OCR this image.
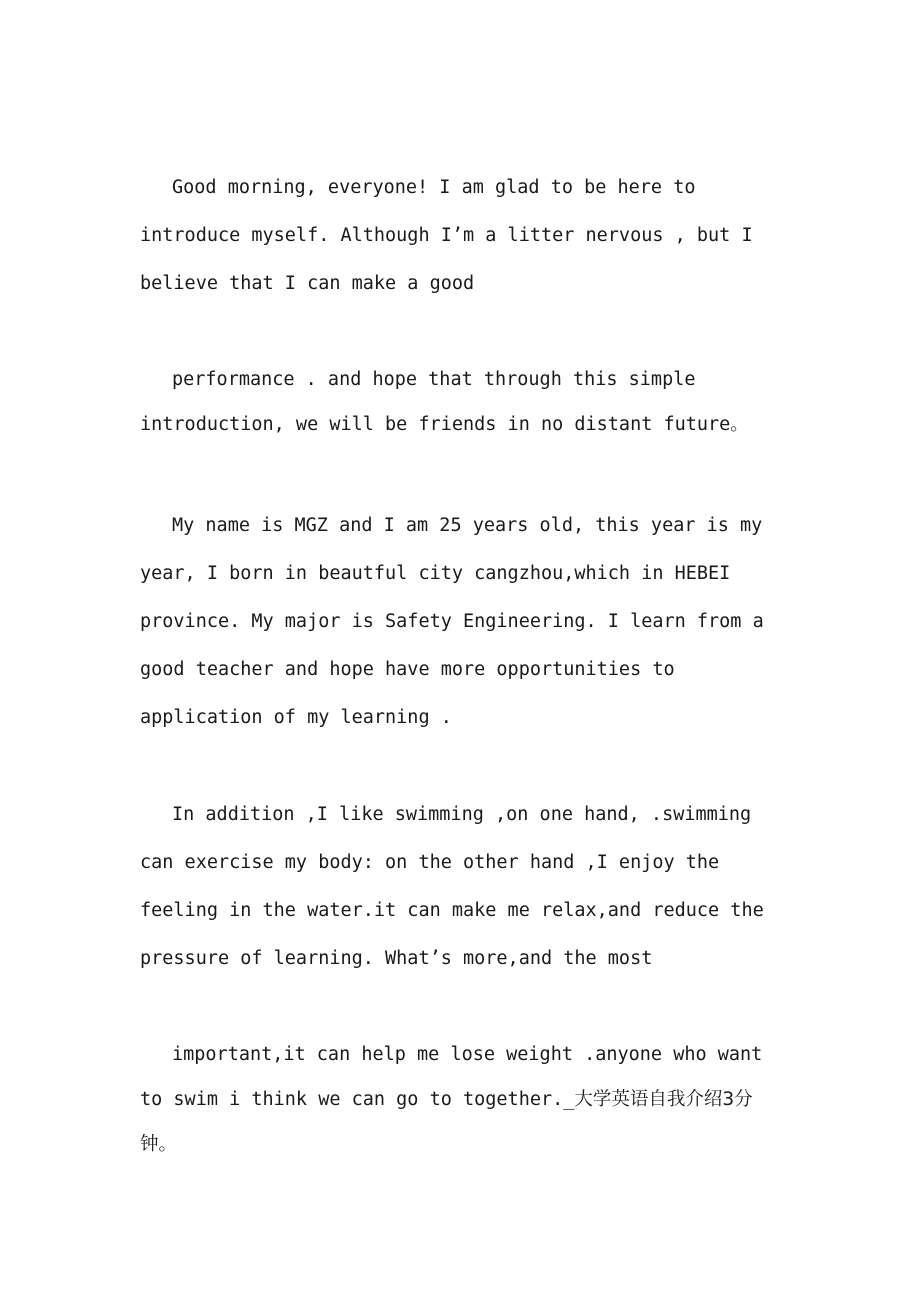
Good morning, everyone! I am glad to be here to introduce myself. Although I’m a litter nervous , but I believe that I can make a good

performance . and hope that through this simple introduction, we will be friends in no distant future。

My name is MGZ and I am 25 years old, this year is my year, I born in beautful city cangzhou,which in HEBEI province. My major is Safety Engineering. I learn from a good teacher and hope have more opportunities to application of my learning .

In addition ,I like swimming ,on one hand, .swimming can exercise my body: on the other hand ,I enjoy the feeling in the water.it can make me relax,and reduce the pressure of learning. What’s more,and the most

important,it can help me lose weight .anyone who want to swim i think we can go to together._大学英语自我介绍3分钟。
